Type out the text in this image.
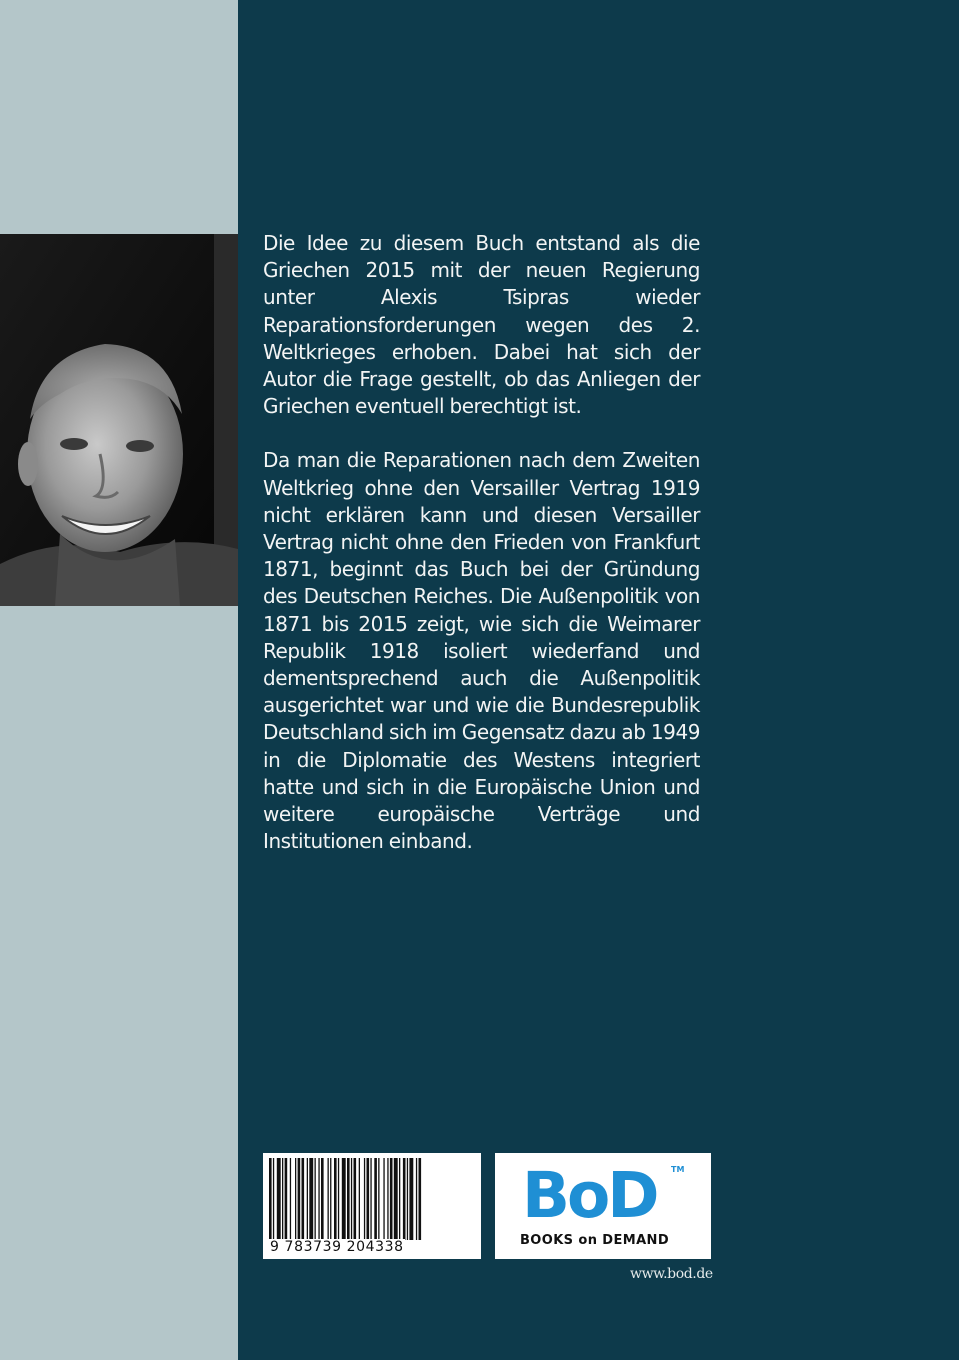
Die Idee zu diesem Buch entstand als die Griechen 2015 mit der neuen Regierung unter Alexis Tsipras wieder Reparationsforderungen wegen des 2. Weltkrieges erhoben. Dabei hat sich der Autor die Frage gestellt, ob das Anliegen der Griechen eventuell berechtigt ist.

Da man die Reparationen nach dem Zweiten Weltkrieg ohne den Versailler Vertrag 1919 nicht erklären kann und diesen Versailler Vertrag nicht ohne den Frieden von Frankfurt 1871, beginnt das Buch bei der Gründung des Deutschen Reiches. Die Außenpolitik von 1871 bis 2015 zeigt, wie sich die Weimarer Republik 1918 isoliert wiederfand und dementsprechend auch die Außenpolitik ausgerichtet war und wie die Bundesrepublik Deutschland sich im Gegensatz dazu ab 1949 in die Diplomatie des Westens integriert hatte und sich in die Europäische Union und weitere europäische Verträge und Institutionen einband.

9 783739 204338
BoD TM
BOOKS on DEMAND
www.bod.de
